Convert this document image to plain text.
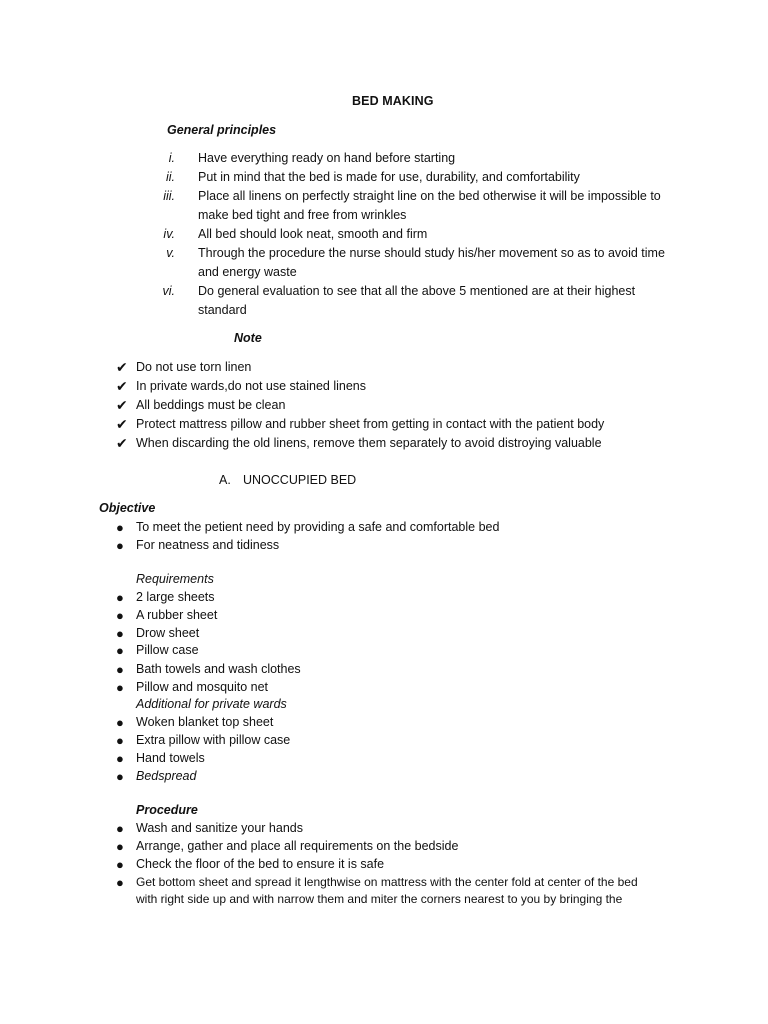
BED MAKING
General principles
i. Have everything ready on hand before starting
ii. Put in mind that the bed is made for use, durability, and comfortability
iii. Place all linens on perfectly straight line on the bed otherwise it will be impossible to
make bed tight and free from wrinkles
iv. All bed should look neat, smooth and firm
v. Through the procedure the nurse should study his/her movement so as to avoid time
and energy waste
vi. Do general evaluation to see that all the above 5 mentioned are at their highest
standard
Note
✔ Do not use torn linen
✔ In private wards,do not use stained linens
✔ All beddings must be clean
✔ Protect mattress pillow and rubber sheet from getting in contact with the patient body
✔ When discarding the old linens, remove them separately to avoid distroying valuable
A. UNOCCUPIED BED
Objective
● To meet the petient need by providing a safe and comfortable bed
● For neatness and tidiness
Requirements
● 2 large sheets
● A rubber sheet
● Drow sheet
● Pillow case
● Bath towels and wash clothes
● Pillow and mosquito net
Additional for private wards
● Woken blanket top sheet
● Extra pillow with pillow case
● Hand towels
● Bedspread
Procedure
● Wash and sanitize your hands
● Arrange, gather and place all requirements on the bedside
● Check the floor of the bed to ensure it is safe
● Get bottom sheet and spread it lengthwise on mattress with the center fold at center of the bed
with right side up and with narrow them and miter the corners nearest to you by bringing the
